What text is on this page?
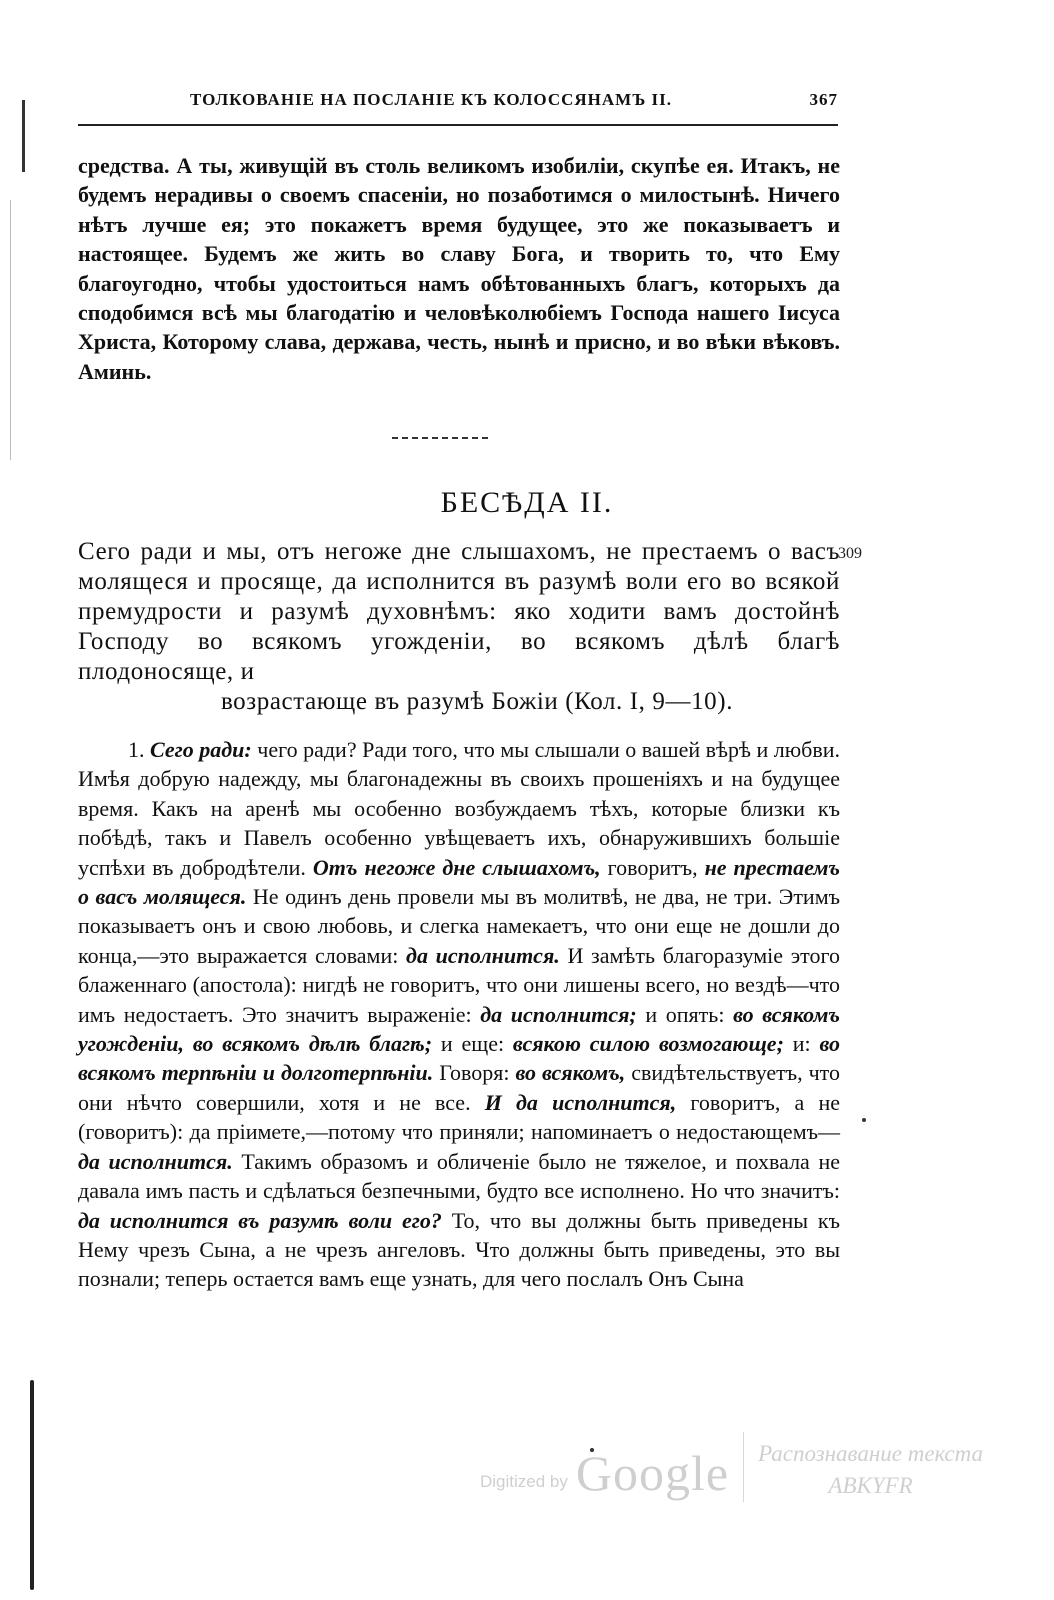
ТОЛКОВАНІЕ НА ПОСЛАНІЕ КЪ КОЛОССЯНАМЪ II.	367

средства. А ты, живущій въ столь великомъ изобиліи, скупѣе ея. Итакъ, не будемъ нерадивы о своемъ спасеніи, но позаботимся о милостынѣ. Ничего нѣтъ лучше ея; это покажетъ время будущее, это же показываетъ и настоящее. Будемъ же жить во славу Бога, и творить то, что Ему благоугодно, чтобы удостоиться намъ обѣтованныхъ благъ, которыхъ да сподобимся всѣ мы благодатію и человѣколюбіемъ Господа нашего Іисуса Христа, Которому слава, держава, честь, нынѣ и присно, и во вѣки вѣковъ. Аминь.

БЕСѢДА II.

Сего ради и мы, отъ негоже дне слышахомъ, не престаемъ о васъ молящеся и просяще, да исполнится въ разумѣ воли его во всякой премудрости и разумѣ духовнѣмъ: яко ходити вамъ достойнѣ Господу во всякомъ угожденіи, во всякомъ дѣлѣ благѣ плодоносяще, и

возрастающе въ разумѣ Божіи (Кол. I, 9—10).

309

1. Сего ради: чего ради? Ради того, что мы слышали о вашей вѣрѣ и любви. Имѣя добрую надежду, мы благонадежны въ своихъ прошеніяхъ и на будущее время. Какъ на аренѣ мы особенно возбуждаемъ тѣхъ, которые близки къ побѣдѣ, такъ и Павелъ особенно увѣщеваетъ ихъ, обнаружившихъ большіе успѣхи въ добродѣтели. Отъ негоже дне слышахомъ, говоритъ, не престаемъ о васъ молящеся. Не одинъ день провели мы въ молитвѣ, не два, не три. Этимъ показываетъ онъ и свою любовь, и слегка намекаетъ, что они еще не дошли до конца,—это выражается словами: да исполнится. И замѣть благоразуміе этого блаженнаго (апостола): нигдѣ не говоритъ, что они лишены всего, но вездѣ—что имъ недостаетъ. Это значитъ выраженіе: да исполнится; и опять: во всякомъ угожденіи, во всякомъ дѣлѣ благѣ; и еще: всякою силою возмогающе; и: во всякомъ терпѣніи и долготерпѣніи. Говоря: во всякомъ, свидѣтельствуетъ, что они нѣчто совершили, хотя и не все. И да исполнится, говоритъ, а не (говоритъ): да пріиметe,—потому что приняли; напоминаетъ о недостающемъ—да исполнится. Такимъ образомъ и обличеніе было не тяжелое, и похвала не давала имъ пасть и сдѣлаться безпечными, будто все исполнено. Но что значитъ: да исполнится въ разумѣ воли его? То, что вы должны быть приведены къ Нему чрезъ Сына, а не чрезъ ангеловъ. Что должны быть приведены, это вы познали; теперь остается вамъ еще узнать, для чего послалъ Онъ Сына

Digitized by Google Распознавание текста
ABKYFR
